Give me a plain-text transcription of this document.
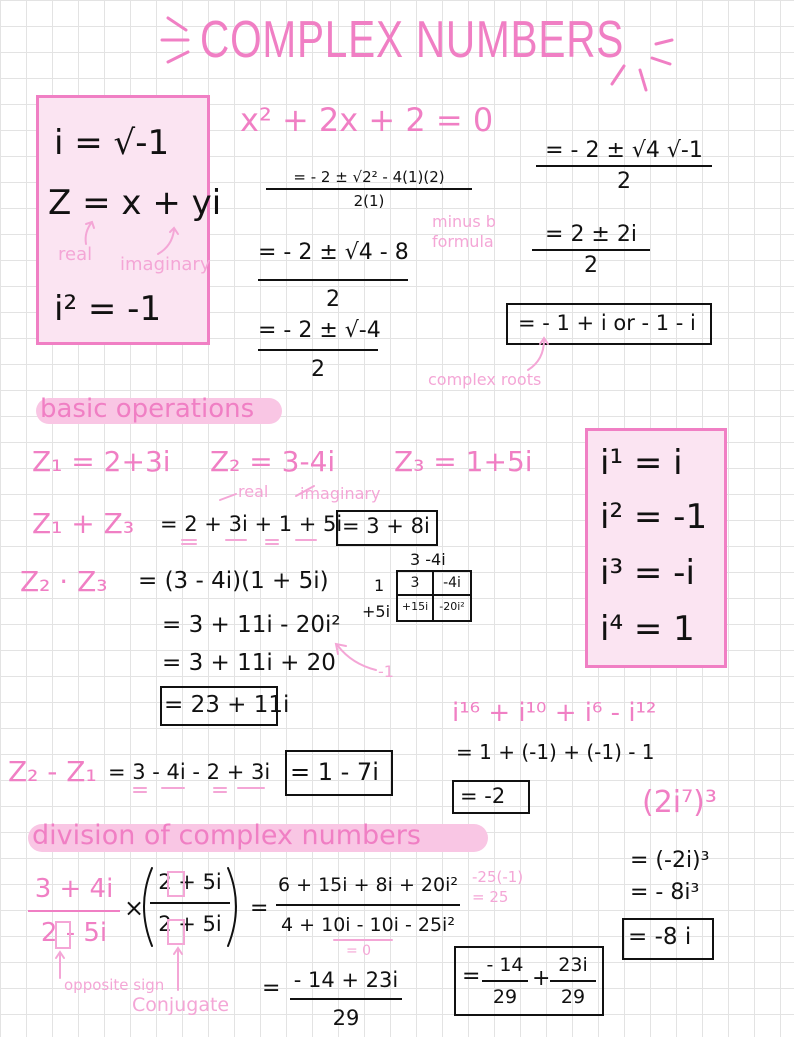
COMPLEX NUMBERS
i = √-1
Z = x + yi
real imaginary
i² = -1
x² + 2x + 2 = 0
= - 2 ± √2² - 4(1)(2)
2(1)
minus b formula
= - 2 ± √4 - 8
2
= - 2 ± √-4
2
= - 2 ± √4 √-1
2
= 2 ± 2i
2
= - 1 + i or - 1 - i
complex roots
basic operations
Z₁ = 2+3i Z₂ = 3-4i Z₃ = 1+5i
real imaginary
Z₁ + Z₃ = 2 + 3i + 1 + 5i = 3 + 8i
Z₂ · Z₃ = (3 - 4i)(1 + 5i)
= 3 + 11i - 20i²
= 3 + 11i + 20
= 23 + 11i
-1
3 -4i
1
+5i
3	-4i
+15i	-20i²
i¹ = i
i² = -1
i³ = -i
i⁴ = 1
i¹⁶ + i¹⁰ + i⁶ - i¹²
= 1 + (-1) + (-1) - 1
= -2
Z₂ - Z₁ = 3 - 4i - 2 + 3i = 1 - 7i
(2i⁷)³
= (-2i)³
= - 8i³
= -8 i
division of complex numbers
3 + 4i
2 - 5i
×
2 + 5i
2 + 5i
opposite sign
Conjugate
=
6 + 15i + 8i + 20i²
4 + 10i - 10i - 25i²
-25(-1)
= 25
= 0
= - 14 + 23i
29
= - 14
29
+
23i
29
